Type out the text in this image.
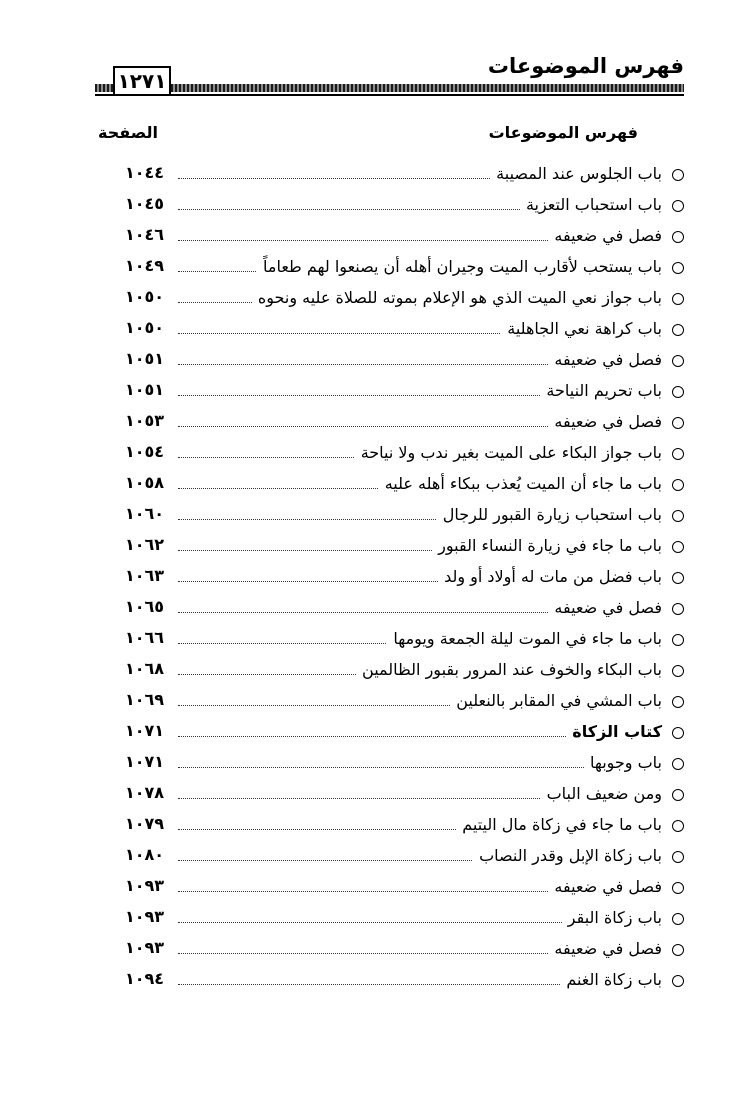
فهرس الموضوعات
١٢٧١
فهرس الموضوعات
الصفحة
باب الجلوس عند المصيبة
١٠٤٤
باب استحباب التعزية
١٠٤٥
فصل في ضعيفه
١٠٤٦
باب يستحب لأقارب الميت وجيران أهله أن يصنعوا لهم طعاماً
١٠٤٩
باب جواز نعي الميت الذي هو الإعلام بموته للصلاة عليه ونحوه
١٠٥٠
باب كراهة نعي الجاهلية
١٠٥٠
فصل في ضعيفه
١٠٥١
باب تحريم النياحة
١٠٥١
فصل في ضعيفه
١٠٥٣
باب جواز البكاء على الميت بغير ندب ولا نياحة
١٠٥٤
باب ما جاء أن الميت يُعذب ببكاء أهله عليه
١٠٥٨
باب استحباب زيارة القبور للرجال
١٠٦٠
باب ما جاء في زيارة النساء القبور
١٠٦٢
باب فضل من مات له أولاد أو ولد
١٠٦٣
فصل في ضعيفه
١٠٦٥
باب ما جاء في الموت ليلة الجمعة ويومها
١٠٦٦
باب البكاء والخوف عند المرور بقبور الظالمين
١٠٦٨
باب المشي في المقابر بالنعلين
١٠٦٩
كتاب الزكاة
١٠٧١
باب وجوبها
١٠٧١
ومن ضعيف الباب
١٠٧٨
باب ما جاء في زكاة مال اليتيم
١٠٧٩
باب زكاة الإبل وقدر النصاب
١٠٨٠
فصل في ضعيفه
١٠٩٣
باب زكاة البقر
١٠٩٣
فصل في ضعيفه
١٠٩٣
باب زكاة الغنم
١٠٩٤
